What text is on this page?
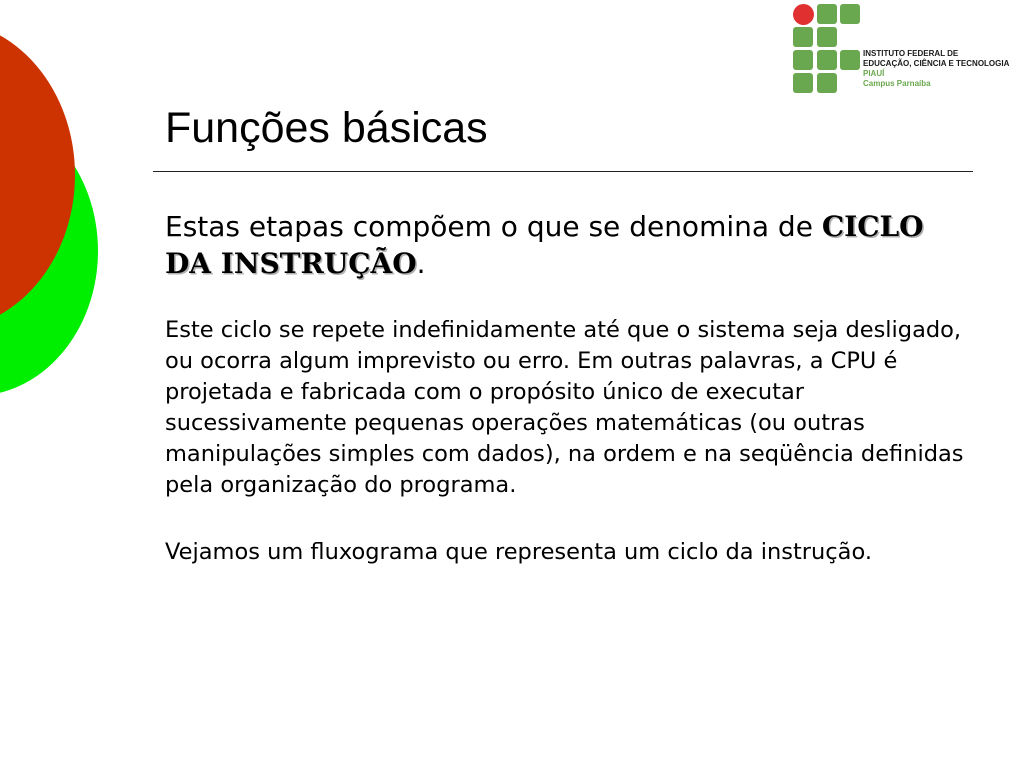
INSTITUTO FEDERAL DE
EDUCAÇÃO, CIÊNCIA E TECNOLOGIA
PIAUÍ
Campus Parnaíba
Funções básicas

Estas etapas compõem o que se denomina de CICLO DA INSTRUÇÃO.

Este ciclo se repete indefinidamente até que o sistema seja desligado, ou ocorra algum imprevisto ou erro. Em outras palavras, a CPU é projetada e fabricada com o propósito único de executar sucessivamente pequenas operações matemáticas (ou outras manipulações simples com dados), na ordem e na seqüência definidas pela organização do programa.

Vejamos um fluxograma que representa um ciclo da instrução.
